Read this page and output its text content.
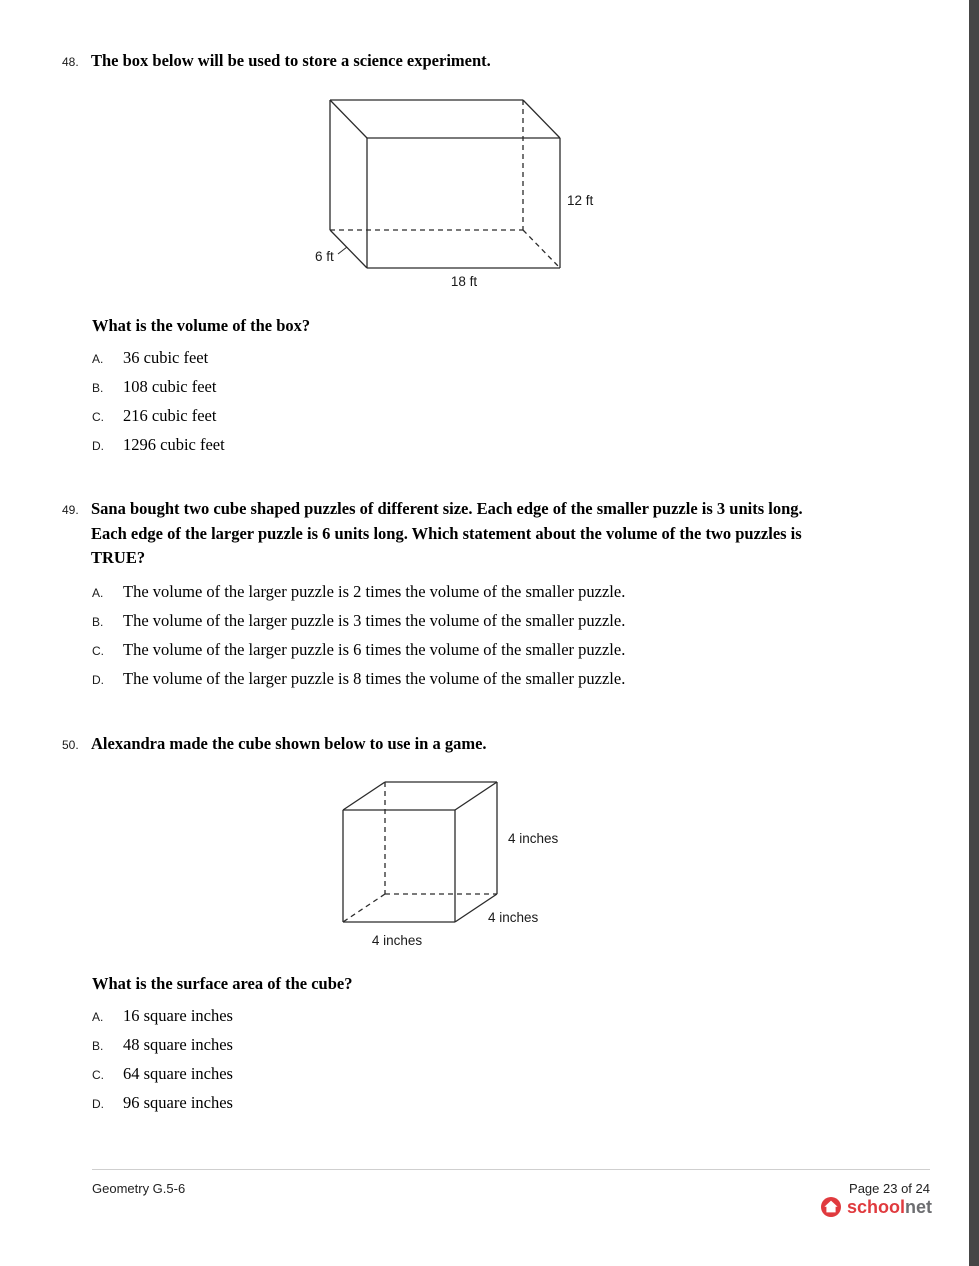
48. The box below will be used to store a science experiment.
12 ft
6 ft
18 ft
What is the volume of the box?
A.	36 cubic feet
B.	108 cubic feet
C.	216 cubic feet
D.	1296 cubic feet
49. Sana bought two cube shaped puzzles of different size. Each edge of the smaller puzzle is 3 units long. Each edge of the larger puzzle is 6 units long. Which statement about the volume of the two puzzles is TRUE?
A.	The volume of the larger puzzle is 2 times the volume of the smaller puzzle.
B.	The volume of the larger puzzle is 3 times the volume of the smaller puzzle.
C.	The volume of the larger puzzle is 6 times the volume of the smaller puzzle.
D.	The volume of the larger puzzle is 8 times the volume of the smaller puzzle.
50. Alexandra made the cube shown below to use in a game.
4 inches
4 inches
4 inches
What is the surface area of the cube?
A.	16 square inches
B.	48 square inches
C.	64 square inches
D.	96 square inches
Geometry G.5-6	Page 23 of 24
schoolnet
